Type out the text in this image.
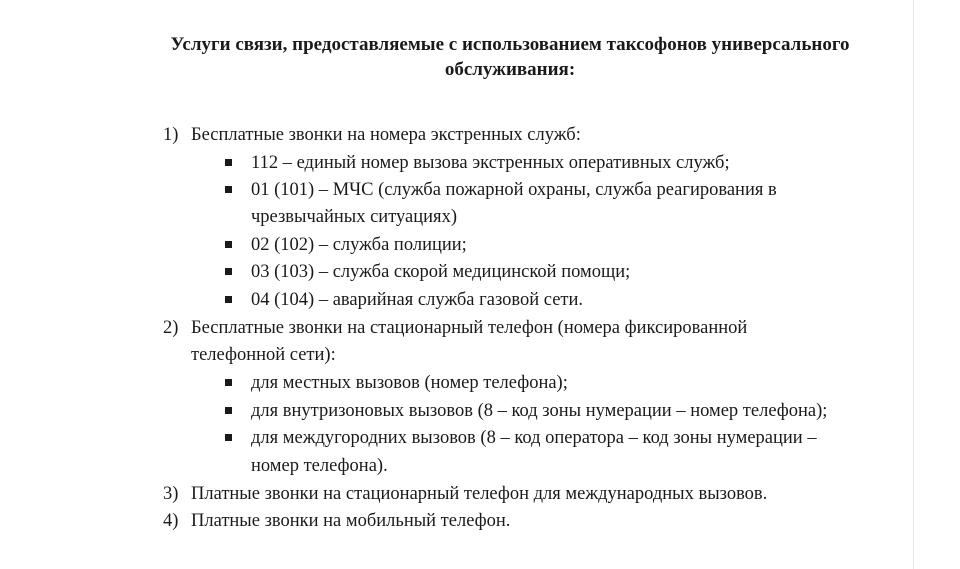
Услуги связи, предоставляемые с использованием таксофонов универсального
обслуживания:
1) Бесплатные звонки на номера экстренных служб:
112 – единый номер вызова экстренных оперативных служб;
01 (101) – МЧС (служба пожарной охраны, служба реагирования в
чрезвычайных ситуациях)
02 (102) – служба полиции;
03 (103) – служба скорой медицинской помощи;
04 (104) – аварийная служба газовой сети.
2) Бесплатные звонки на стационарный телефон (номера фиксированной
телефонной сети):
для местных вызовов (номер телефона);
для внутризоновых вызовов (8 – код зоны нумерации – номер телефона);
для междугородних вызовов (8 – код оператора – код зоны нумерации –
номер телефона).
3) Платные звонки на стационарный телефон для международных вызовов.
4) Платные звонки на мобильный телефон.
